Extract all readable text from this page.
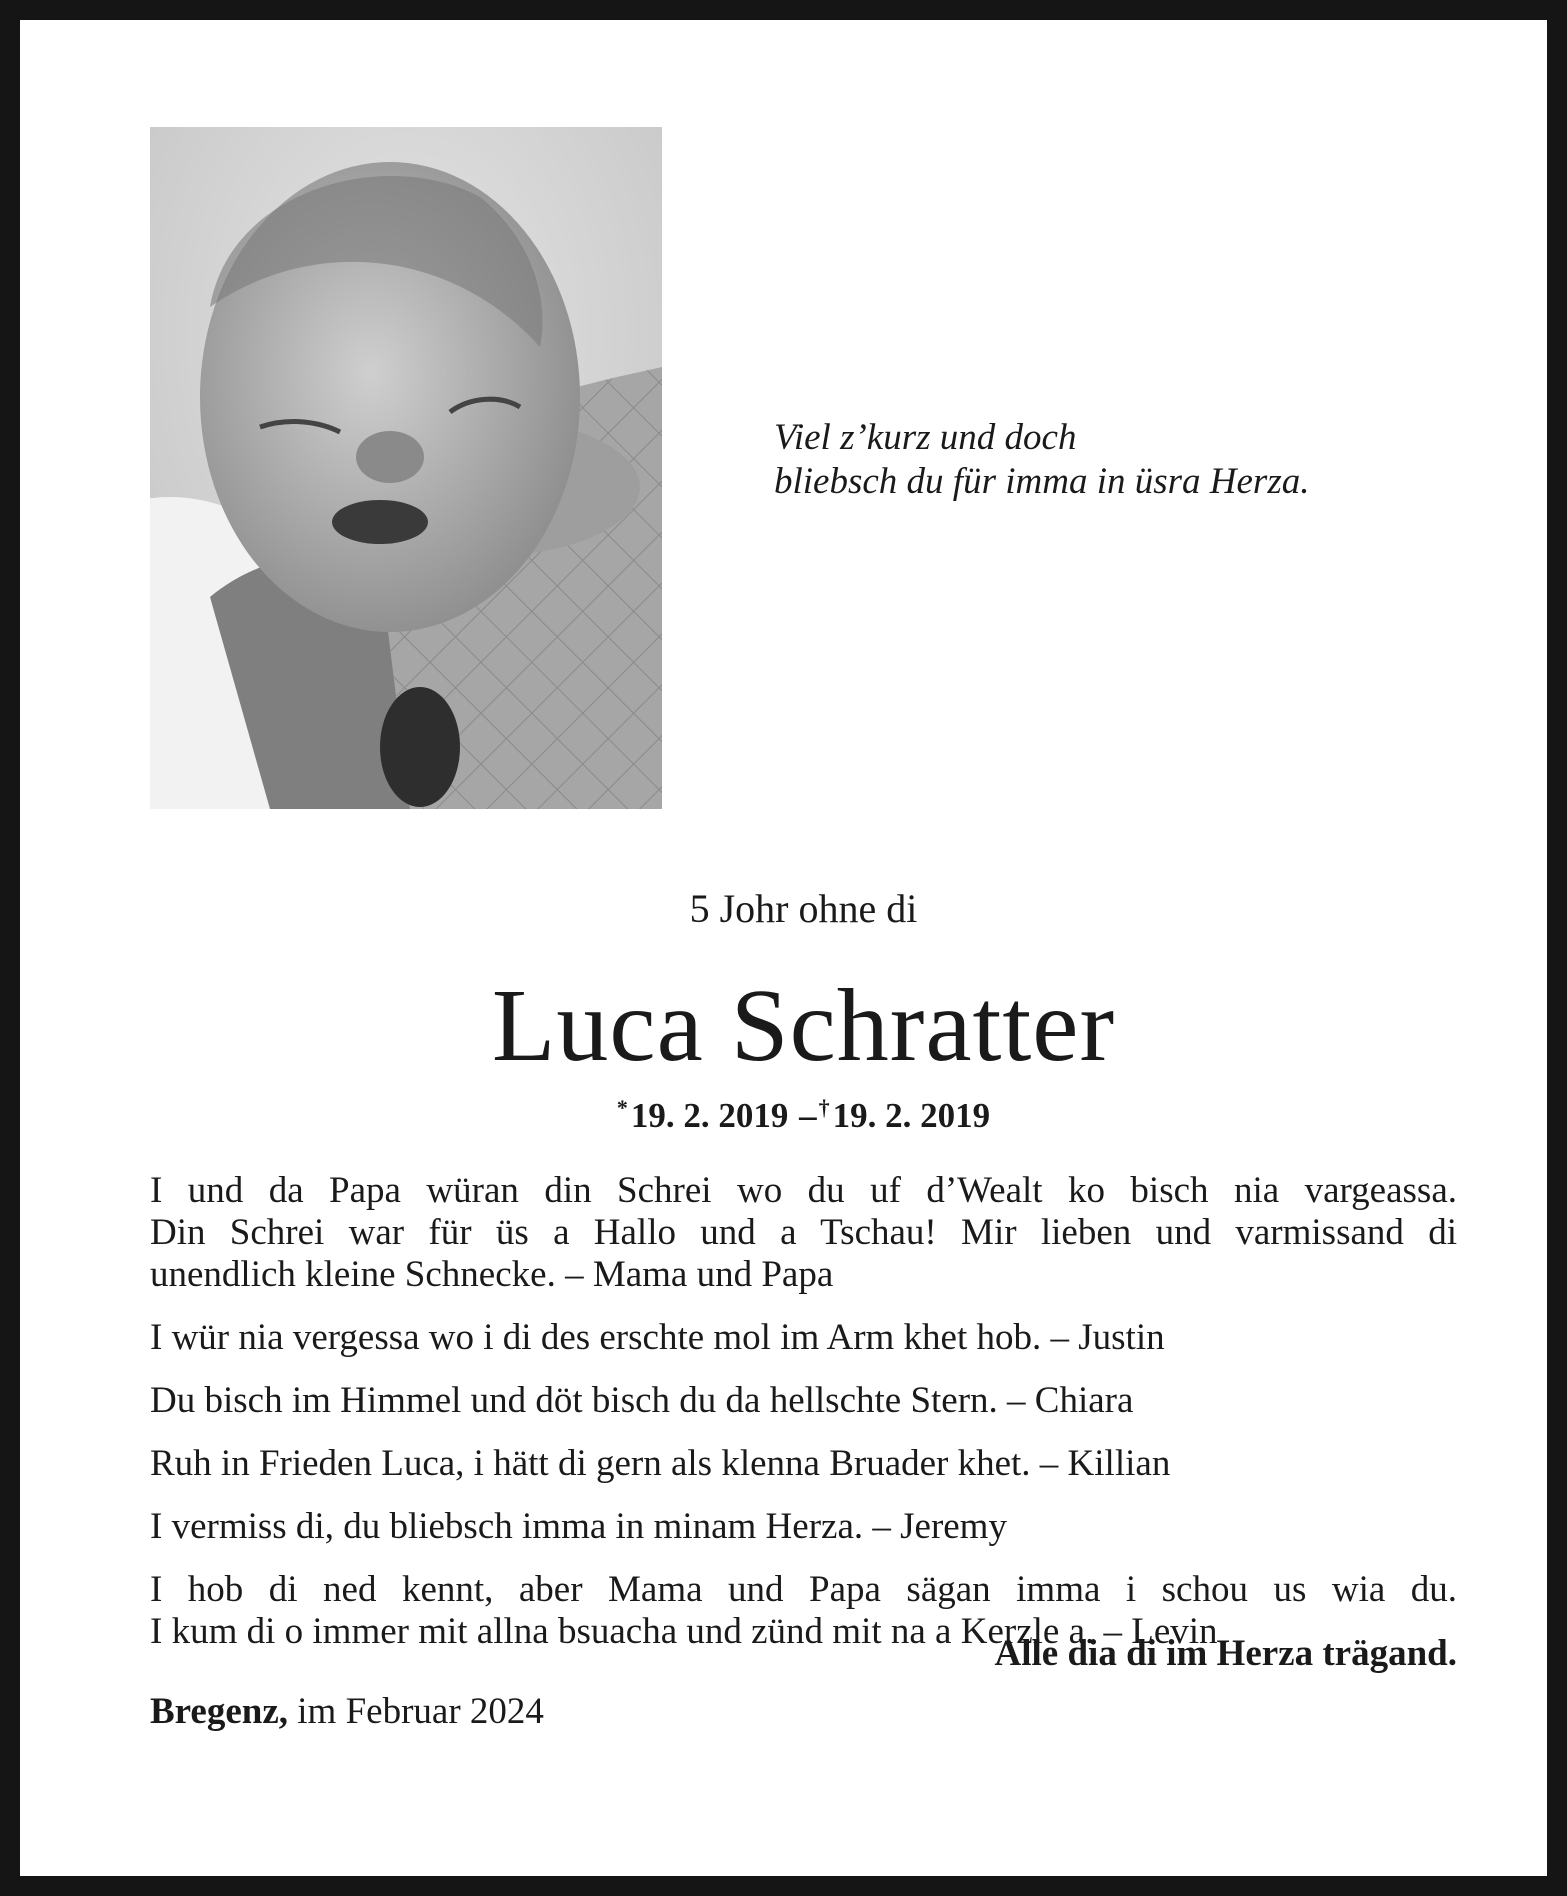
Viel z’kurz und doch
bliebsch du für imma in üsra Herza.
5 Johr ohne di
Luca Schratter
*19. 2. 2019 –†19. 2. 2019

I und da Papa würan din Schrei wo du uf d’Wealt ko bisch nia vargeassa.
Din Schrei war für üs a Hallo und a Tschau! Mir lieben und varmissand di
unendlich kleine Schnecke. – Mama und Papa

I wür nia vergessa wo i di des erschte mol im Arm khet hob. – Justin

Du bisch im Himmel und döt bisch du da hellschte Stern. – Chiara

Ruh in Frieden Luca, i hätt di gern als klenna Bruader khet. – Killian

I vermiss di, du bliebsch imma in minam Herza. – Jeremy

I hob di ned kennt, aber Mama und Papa sägan imma i schou us wia du.
I kum di o immer mit allna bsuacha und zünd mit na a Kerzle a. – Levin

Alle dia di im Herza trägand.
Bregenz, im Februar 2024
